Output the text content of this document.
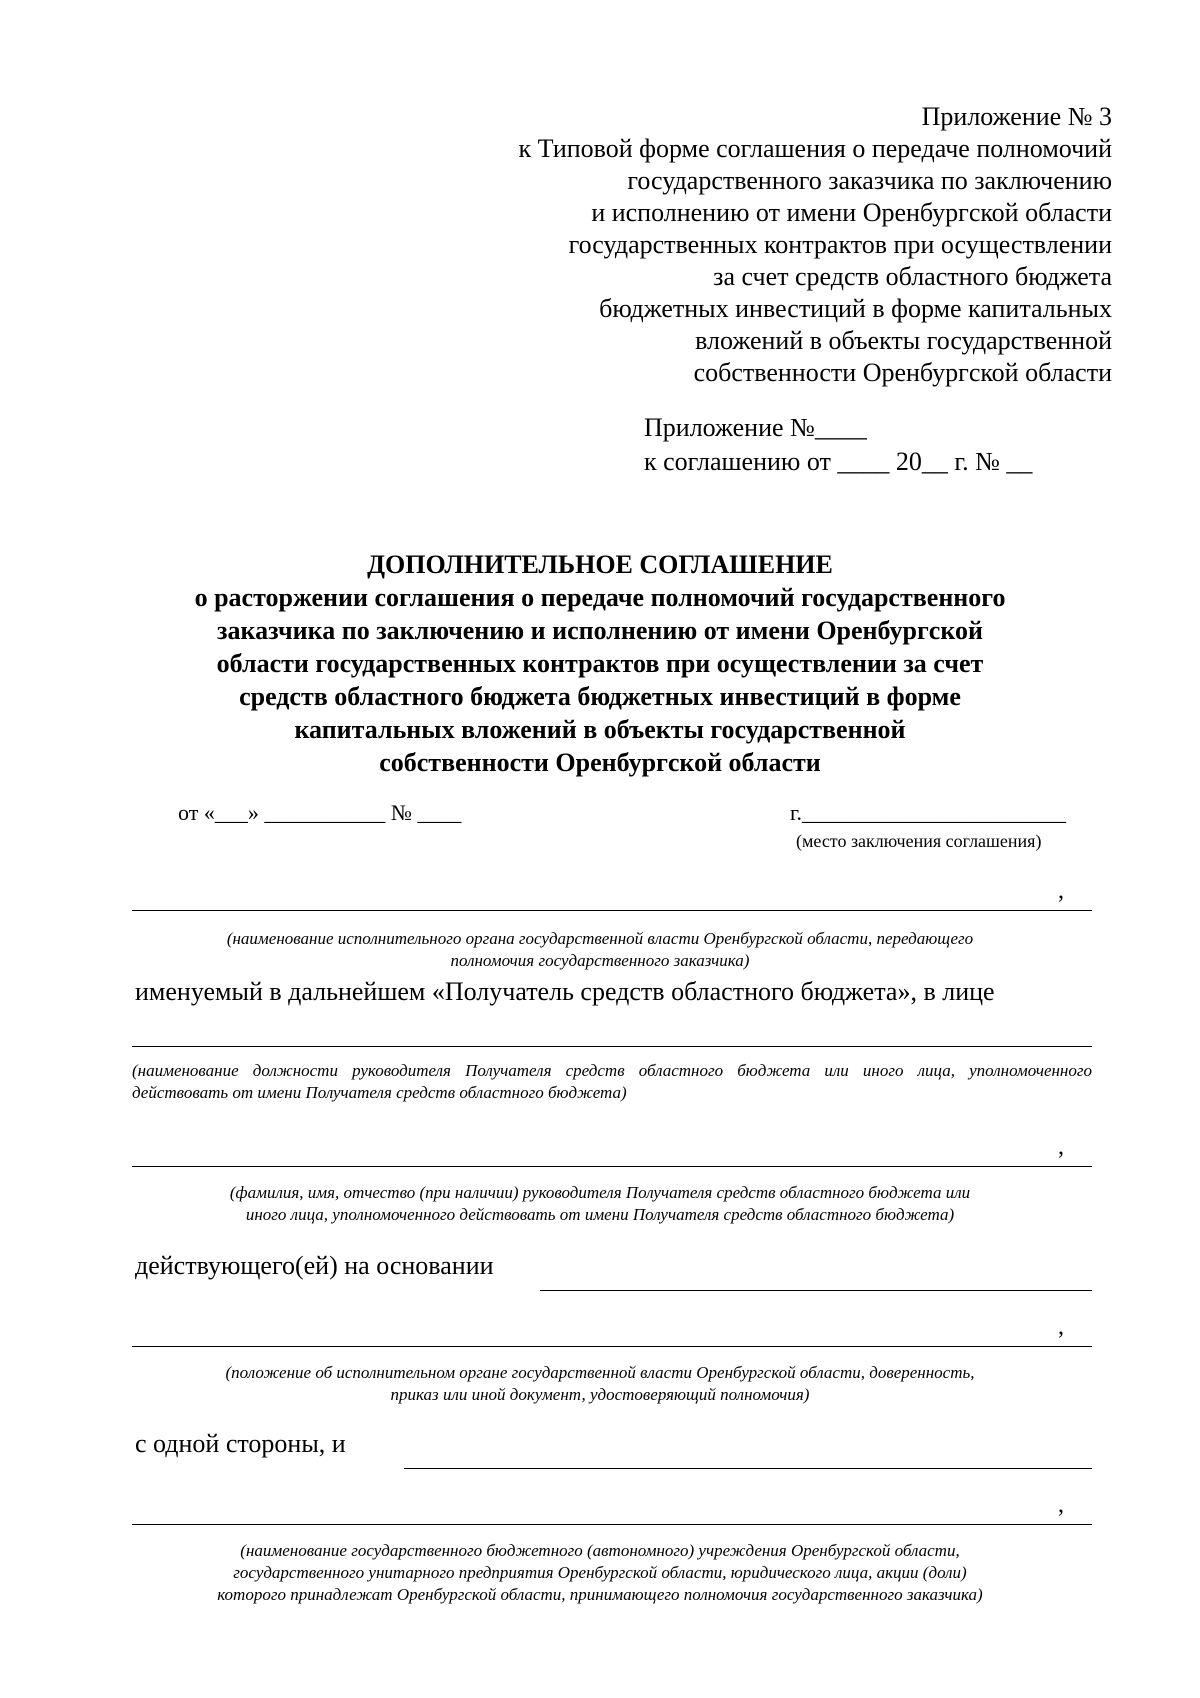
Приложение № 3
к Типовой форме соглашения о передаче полномочий
государственного заказчика по заключению
и исполнению от имени Оренбургской области
государственных контрактов при осуществлении
за счет средств областного бюджета
бюджетных инвестиций в форме капитальных
вложений в объекты государственной
собственности Оренбургской области
Приложение №____
к соглашению от ____ 20__ г. № __
ДОПОЛНИТЕЛЬНОЕ СОГЛАШЕНИЕ
о расторжении соглашения о передаче полномочий государственного
заказчика по заключению и исполнению от имени Оренбургской
области государственных контрактов при осуществлении за счет
средств областного бюджета бюджетных инвестиций в форме
капитальных вложений в объекты государственной
собственности Оренбургской области
от «___» ___________ № ____	г.________________________
(место заключения соглашения)
,
(наименование исполнительного органа государственной власти Оренбургской области, передающего
полномочия государственного заказчика)
именуемый в дальнейшем «Получатель средств областного бюджета», в лице
(наименование должности руководителя Получателя средств областного бюджета или иного лица, уполномоченного действовать от имени Получателя средств областного бюджета)
,
(фамилия, имя, отчество (при наличии) руководителя Получателя средств областного бюджета или
иного лица, уполномоченного действовать от имени Получателя средств областного бюджета)
действующего(ей) на основании
,
(положение об исполнительном органе государственной власти Оренбургской области, доверенность,
приказ или иной документ, удостоверяющий полномочия)
с одной стороны, и
,
(наименование государственного бюджетного (автономного) учреждения Оренбургской области,
государственного унитарного предприятия Оренбургской области, юридического лица, акции (доли)
которого принадлежат Оренбургской области, принимающего полномочия государственного заказчика)
